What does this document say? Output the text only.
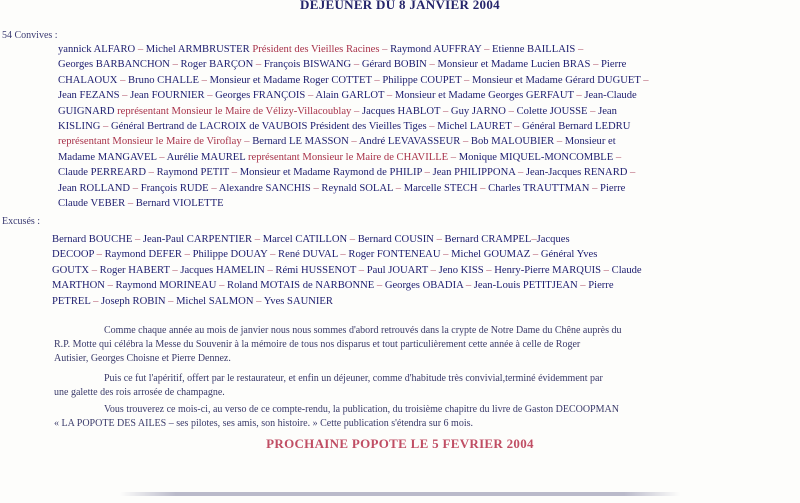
DEJEUNER DU 8 JANVIER 2004
54 Convives :
yannick ALFARO – Michel ARMBRUSTER Président des Vieilles Racines – Raymond AUFFRAY – Etienne BAILLAIS –
Georges BARBANCHON – Roger BARÇON – François BISWANG – Gérard BOBIN – Monsieur et Madame Lucien BRAS – Pierre
CHALAOUX – Bruno CHALLE – Monsieur et Madame Roger COTTET – Philippe COUPET – Monsieur et Madame Gérard DUGUET –
Jean FEZANS – Jean FOURNIER – Georges FRANÇOIS – Alain GARLOT – Monsieur et Madame Georges GERFAUT – Jean-Claude
GUIGNARD représentant Monsieur le Maire de Vélizy-Villacoublay – Jacques HABLOT – Guy JARNO – Colette JOUSSE – Jean
KISLING – Général Bertrand de LACROIX de VAUBOIS Président des Vieilles Tiges – Michel LAURET – Général Bernard LEDRU
représentant Monsieur le Maire de Viroflay – Bernard LE MASSON – André LEVAVASSEUR – Bob MALOUBIER – Monsieur et
Madame MANGAVEL – Aurélie MAUREL représentant Monsieur le Maire de CHAVILLE – Monique MIQUEL-MONCOMBLE –
Claude PERREARD – Raymond PETIT – Monsieur et Madame Raymond de PHILIP – Jean PHILIPPONA – Jean-Jacques RENARD –
Jean ROLLAND – François RUDE – Alexandre SANCHIS – Reynald SOLAL – Marcelle STECH – Charles TRAUTTMAN – Pierre
Claude VEBER – Bernard VIOLETTE
Excusés :
Bernard BOUCHE – Jean-Paul CARPENTIER – Marcel CATILLON – Bernard COUSIN – Bernard CRAMPEL–Jacques
DECOOP – Raymond DEFER – Philippe DOUAY – René DUVAL – Roger FONTENEAU – Michel GOUMAZ – Général Yves
GOUTX – Roger HABERT – Jacques HAMELIN – Rémi HUSSENOT – Paul JOUART – Jeno KISS – Henry-Pierre MARQUIS – Claude
MARTHON – Raymond MORINEAU – Roland MOTAIS de NARBONNE – Georges OBADIA – Jean-Louis PETITJEAN – Pierre
PETREL – Joseph ROBIN – Michel SALMON – Yves SAUNIER
Comme chaque année au mois de janvier nous nous sommes d'abord retrouvés dans la crypte de Notre Dame du Chêne auprès du
R.P. Motte qui célébra la Messe du Souvenir à la mémoire de tous nos disparus et tout particulièrement cette année à celle de Roger
Autisier, Georges Choisne et Pierre Dennez.
Puis ce fut l'apéritif, offert par le restaurateur, et enfin un déjeuner, comme d'habitude très convivial,terminé évidemment par
une galette des rois arrosée de champagne.
Vous trouverez ce mois-ci, au verso de ce compte-rendu, la publication, du troisième chapitre du livre de Gaston DECOOPMAN
« LA POPOTE DES AILES – ses pilotes, ses amis, son histoire. » Cette publication s'étendra sur 6 mois.
PROCHAINE POPOTE LE 5 FEVRIER 2004
